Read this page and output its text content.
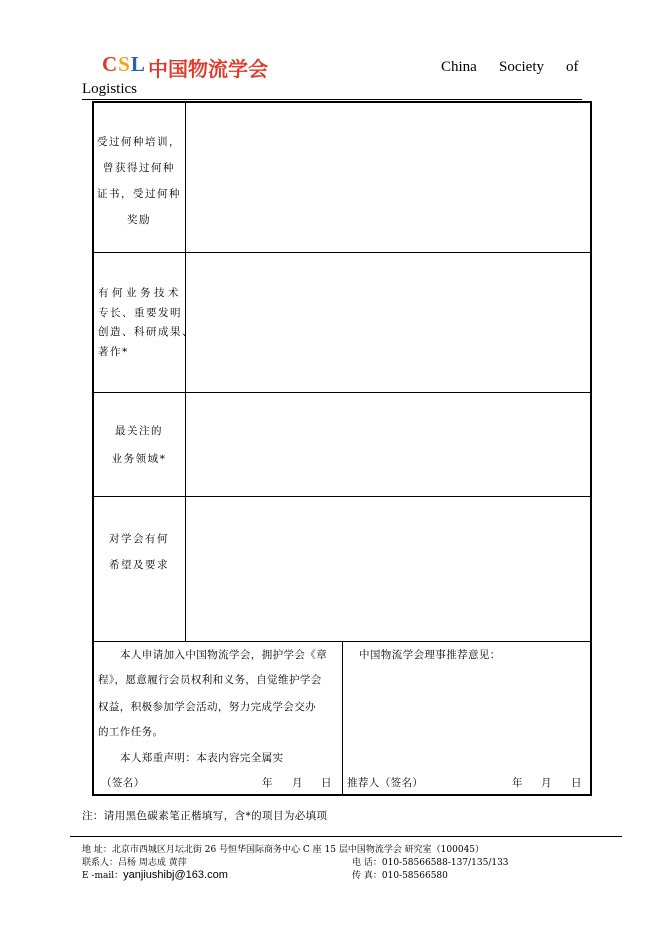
CSL 中国物流学会	China Society of
Logistics
受过何种培训，
曾获得过何种
证书，受过何种
奖励
有何业务技术
专长、重要发明
创造、科研成果、
著作*
最关注的
业务领域*
对学会有何
希望及要求
本人申请加入中国物流学会，拥护学会《章
程》，愿意履行会员权利和义务，自觉维护学会
权益，积极参加学会活动，努力完成学会交办
的工作任务。
本人郑重声明：本表内容完全属实
（签名）	年 月 日
中国物流学会理事推荐意见：
推荐人（签名）	年 月 日
注：请用黑色碳素笔正楷填写，含*的项目为必填项
地 址：北京市西城区月坛北街 26 号恒华国际商务中心 C 座 15 层中国物流学会 研究室（100045）
联系人：吕杨 周志成 黄萍	电 话：010-58566588-137/135/133
E -mail：yanjiushibj@163.com	传 真：010-58566580
